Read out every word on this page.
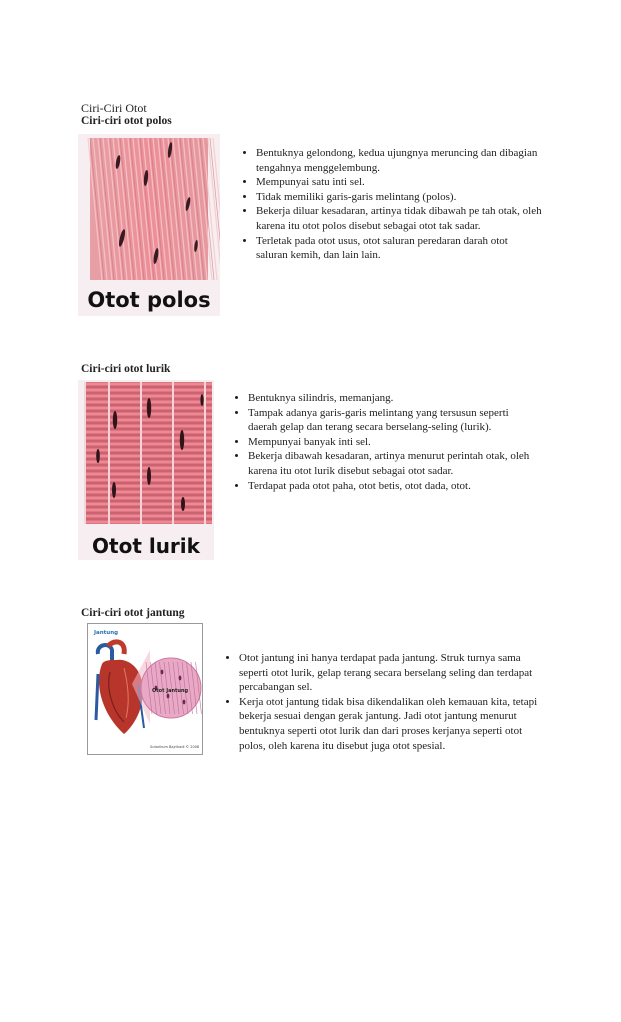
Ciri-Ciri Otot
Ciri-ciri otot polos
Otot polos
• Bentuknya gelondong, kedua ujungnya meruncing dan dibagian tengahnya menggelembung.
• Mempunyai satu inti sel.
• Tidak memiliki garis-garis melintang (polos).
• Bekerja diluar kesadaran, artinya tidak dibawah pe tah otak, oleh karena itu otot polos disebut sebagai otot tak sadar.
• Terletak pada otot usus, otot saluran peredaran darah otot saluran kemih, dan lain lain.
Ciri-ciri otot lurik
Otot lurik
• Bentuknya silindris, memanjang.
• Tampak adanya garis-garis melintang yang tersusun seperti daerah gelap dan terang secara berselang-seling (lurik).
• Mempunyai banyak inti sel.
• Bekerja dibawah kesadaran, artinya menurut perintah otak, oleh karena itu otot lurik disebut sebagai otot sadar.
• Terdapat pada otot paha, otot betis, otot dada, otot.
Ciri-ciri otot jantung
Jantung
Otot Jantung
Sutarikum Bajrihadi © 2008
• Otot jantung ini hanya terdapat pada jantung. Struk turnya sama seperti otot lurik, gelap terang secara berselang seling dan terdapat percabangan sel.
• Kerja otot jantung tidak bisa dikendalikan oleh kemauan kita, tetapi bekerja sesuai dengan gerak jantung. Jadi otot jantung menurut bentuknya seperti otot lurik dan dari proses kerjanya seperti otot polos, oleh karena itu disebut juga otot spesial.
